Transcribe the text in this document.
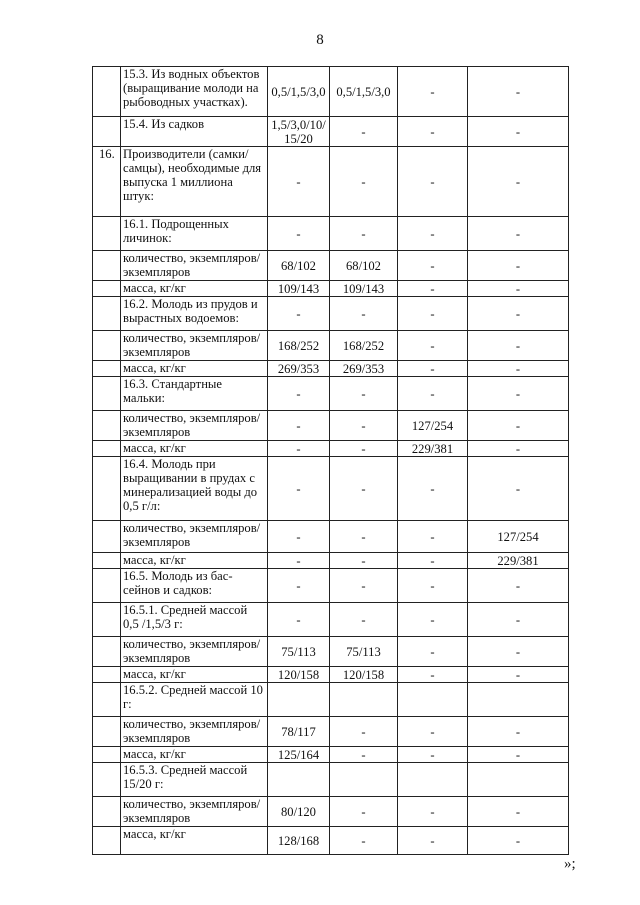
8
	15.3. Из водных объектов (выращивание молоди на рыбоводных участках).	0,5/1,5/3,0	0,5/1,5/3,0	-	-
	15.4. Из садков	1,5/3,0/10/ 15/20	-	-	-
16.	Производители (самки/самцы), необходимые для выпуска 1 миллиона штук:	-	-	-	-
	16.1. Подрощенных личинок:	-	-	-	-
	количество, экземпляров/ экземпляров	68/102	68/102	-	-
	масса, кг/кг	109/143	109/143	-	-
	16.2. Молодь из прудов и вырастных водоемов:	-	-	-	-
	количество, экземпляров/ экземпляров	168/252	168/252	-	-
	масса, кг/кг	269/353	269/353	-	-
	16.3. Стандартные мальки:	-	-	-	-
	количество, экземпляров/ экземпляров	-	-	127/254	-
	масса, кг/кг	-	-	229/381	-
	16.4. Молодь при выращивании в прудах с минерализацией воды до 0,5 г/л:	-	-	-	-
	количество, экземпляров/ экземпляров	-	-	-	127/254
	масса, кг/кг	-	-	-	229/381
	16.5. Молодь из бас- сейнов и садков:	-	-	-	-
	16.5.1. Средней массой 0,5 /1,5/3 г:	-	-	-	-
	количество, экземпляров/ экземпляров	75/113	75/113	-	-
	масса, кг/кг	120/158	120/158	-	-
	16.5.2. Средней массой 10 г:				
	количество, экземпляров/ экземпляров	78/117	-	-	-
	масса, кг/кг	125/164	-	-	-
	16.5.3. Средней массой 15/20 г:				
	количество, экземпляров/ экземпляров	80/120	-	-	-
	масса, кг/кг	128/168	-	-	-
»;
